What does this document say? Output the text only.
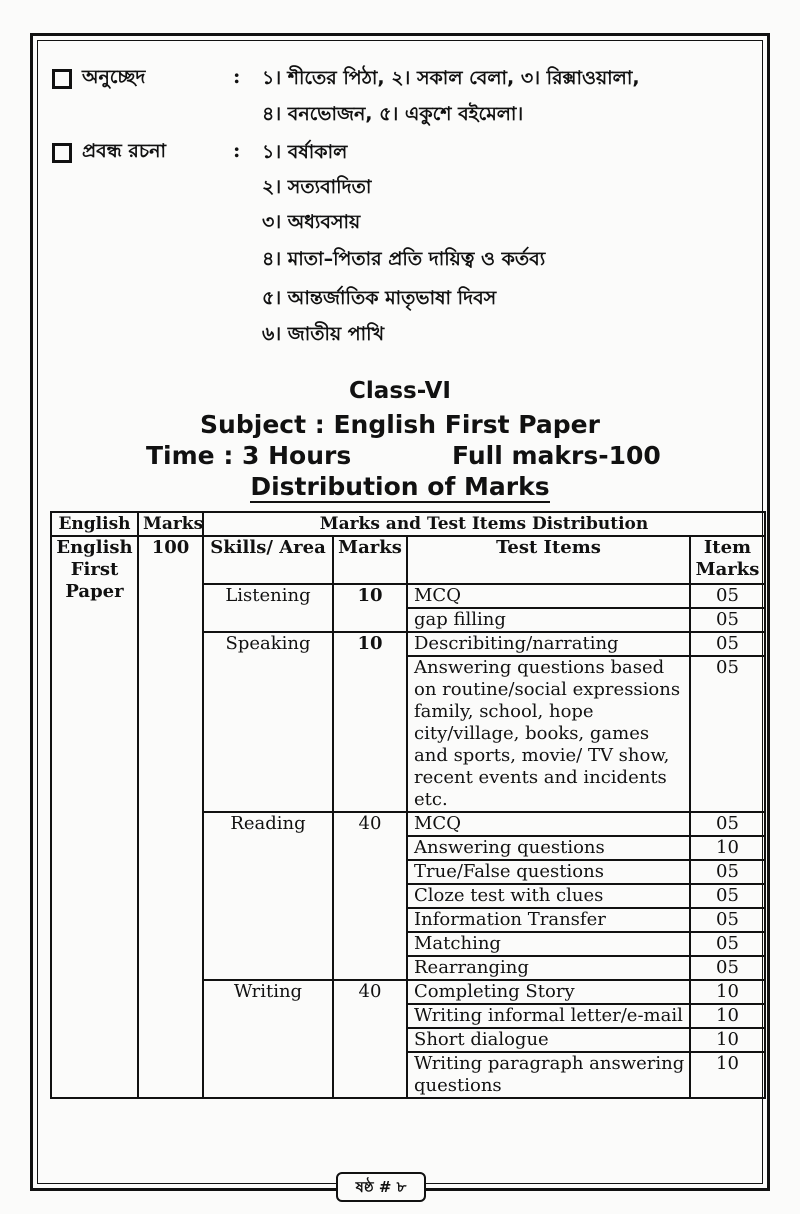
অনুচ্ছেদ	: ১। শীতের পিঠা, ২। সকাল বেলা, ৩। রিক্সাওয়ালা,
৪। বনভোজন, ৫। একুশে বইমেলা।
প্রবন্ধ রচনা	: ১। বর্ষাকাল
২। সত্যবাদিতা
৩। অধ্যবসায়
৪। মাতা–পিতার প্রতি দায়িত্ব ও কর্তব্য
৫। আন্তর্জাতিক মাতৃভাষা দিবস
৬। জাতীয় পাখি
Class-VI
Subject : English First Paper
Time : 3 Hours	Full makrs-100
Distribution of Marks
English	Marks	Marks and Test Items Distribution			
English First Paper	100	Skills/ Area	Marks	Test Items	Item Marks
		Listening	10	MCQ	05
				gap filling	05
		Speaking	10	Describiting/narrating	05
				Answering questions based on routine/social expressions family, school, hope city/village, books, games and sports, movie/ TV show, recent events and incidents etc.	05
		Reading	40	MCQ	05
				Answering questions	10
				True/False questions	05
				Cloze test with clues	05
				Information Transfer	05
				Matching	05
				Rearranging	05
		Writing	40	Completing Story	10
				Writing informal letter/e-mail	10
				Short dialogue	10
				Writing paragraph answering questions	10
ষষ্ঠ # ৮
